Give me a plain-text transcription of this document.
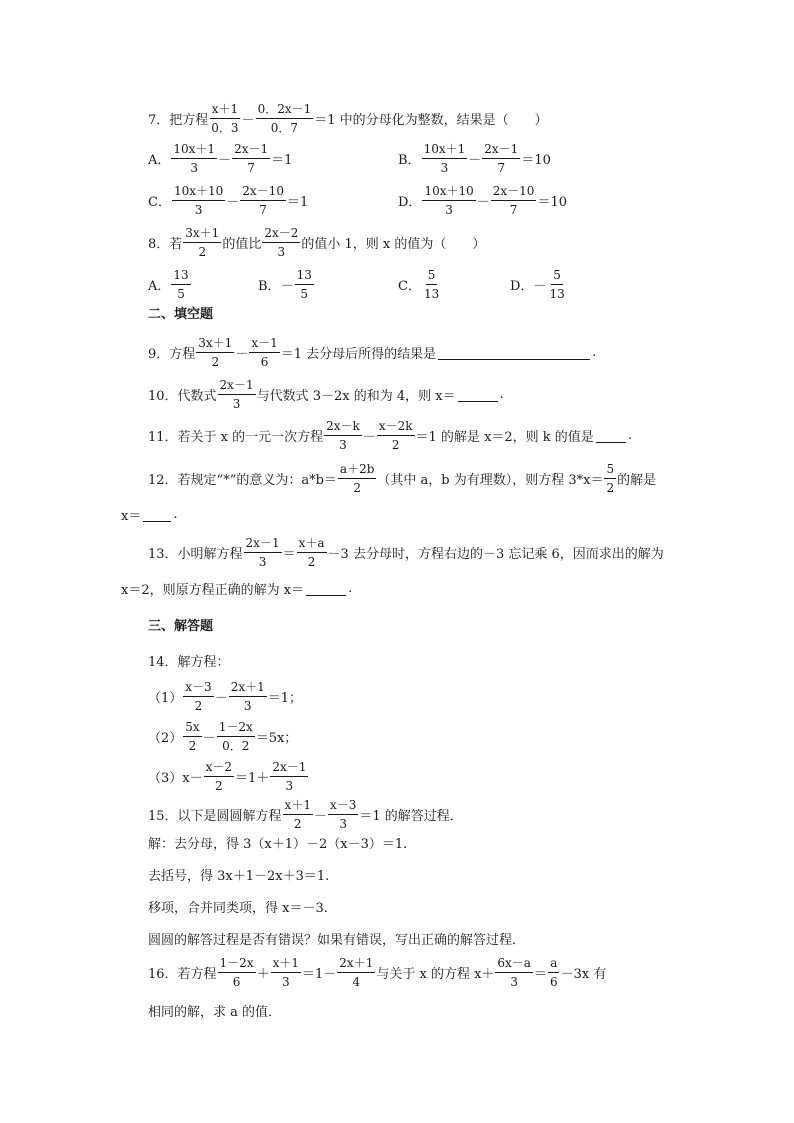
7．把方程 $\frac{x+1}{0.3} - \frac{0.2x-1}{0.7} =1$ 中的分母化为整数，结果是（　　）
A． $\frac{10x+1}{3} - \frac{2x-1}{7} =1$	B． $\frac{10x+1}{3} - \frac{2x-1}{7} =10$
C． $\frac{10x+10}{3} - \frac{2x-10}{7} =1$	D． $\frac{10x+10}{3} - \frac{2x-10}{7} =10$
8．若 $\frac{3x+1}{2}$ 的值比 $\frac{2x-2}{3}$ 的值小 1，则 x 的值为（　　）
A． $\frac{13}{5}$	B． － $\frac{13}{5}$	C． $\frac{5}{13}$	D． － $\frac{5}{13}$
二、填空题
9．方程 $\frac{3x+1}{2} - \frac{x-1}{6} =1$ 去分母后所得的结果是	.
10．代数式 $\frac{2x-1}{3}$ 与代数式 3－2x 的和为 4，则 x＝	.
11．若关于 x 的一元一次方程 $\frac{2x-k}{3} - \frac{x-2k}{2} =1$ 的解是 x＝2，则 k 的值是	.
12．若规定“*”的意义为：$a*b= \frac{a+2b}{2}$ （其中 a，b 为有理数），则方程 $3*x= \frac{5}{2}$ 的解是
x＝ .
13．小明解方程 $\frac{2x-1}{3} = \frac{x+a}{2} -3$ 去分母时，方程右边的－3 忘记乘 6，因而求出的解为
x＝2，则原方程正确的解为 x＝	.
三、解答题
14．解方程：
$(1) \frac{x-3}{2} - \frac{2x+1}{3} =1$；
$(2) \frac{5x}{2} - \frac{1-2x}{0.2} =5x$；
（3） $x- \frac{x-2}{2} =1+ \frac{2x-1}{3}$
15．以下是圆圆解方程 $\frac{x+1}{2} - \frac{x-3}{3} =1$ 的解答过程．
解：去分母，得 3（x＋1）－2（x－3）＝1.
去括号，得 3x＋1－2x＋3＝1.
移项，合并同类项，得 x＝－3.
圆圆的解答过程是否有错误？如果有错误，写出正确的解答过程．
16．若方程 $\frac{1-2x}{6} + \frac{x+1}{3} =1- \frac{2x+1}{4}$ 与关于 x 的方程 $x+ \frac{6x-a}{3} = \frac{a}{6} -3x$ 有
相同的解，求 a 的值．
